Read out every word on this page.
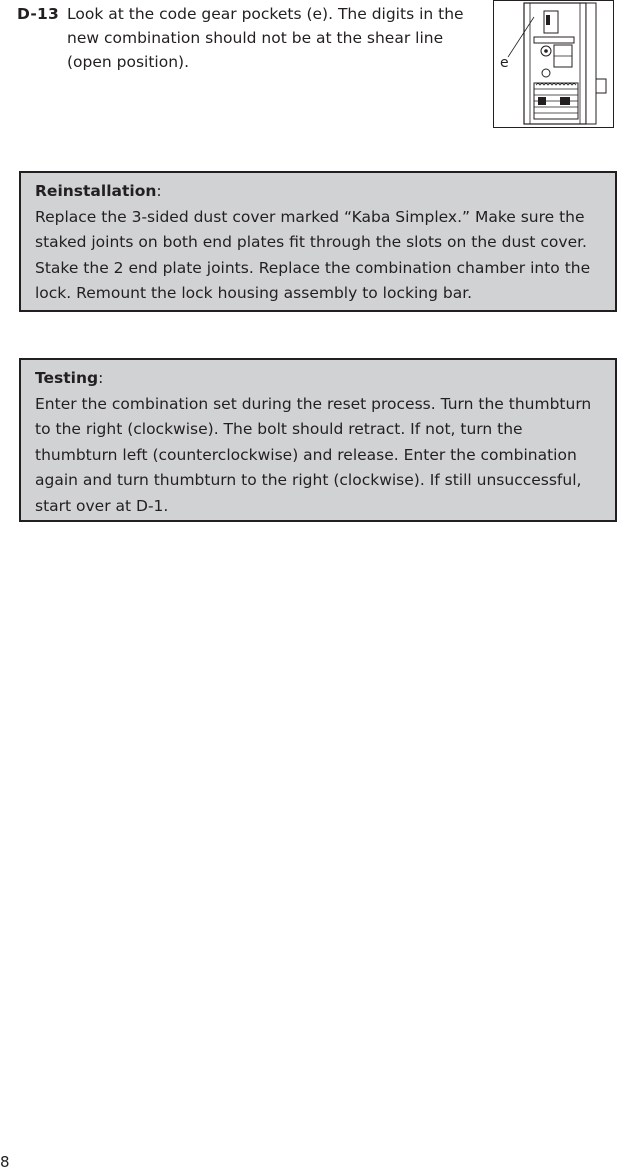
D-13 Look at the code gear pockets (e). The digits in the new combination should not be at the shear line (open position).	e
Reinstallation:
Replace the 3-sided dust cover marked “Kaba Simplex.” Make sure the staked joints on both end plates fit through the slots on the dust cover. Stake the 2 end plate joints. Replace the combination chamber into the lock. Remount the lock housing assembly to locking bar.
Testing:
Enter the combination set during the reset process. Turn the thumbturn to the right (clockwise). The bolt should retract. If not, turn the thumbturn left (counterclockwise) and release. Enter the combination again and turn thumbturn to the right (clockwise). If still unsuccessful, start over at D-1.
8
